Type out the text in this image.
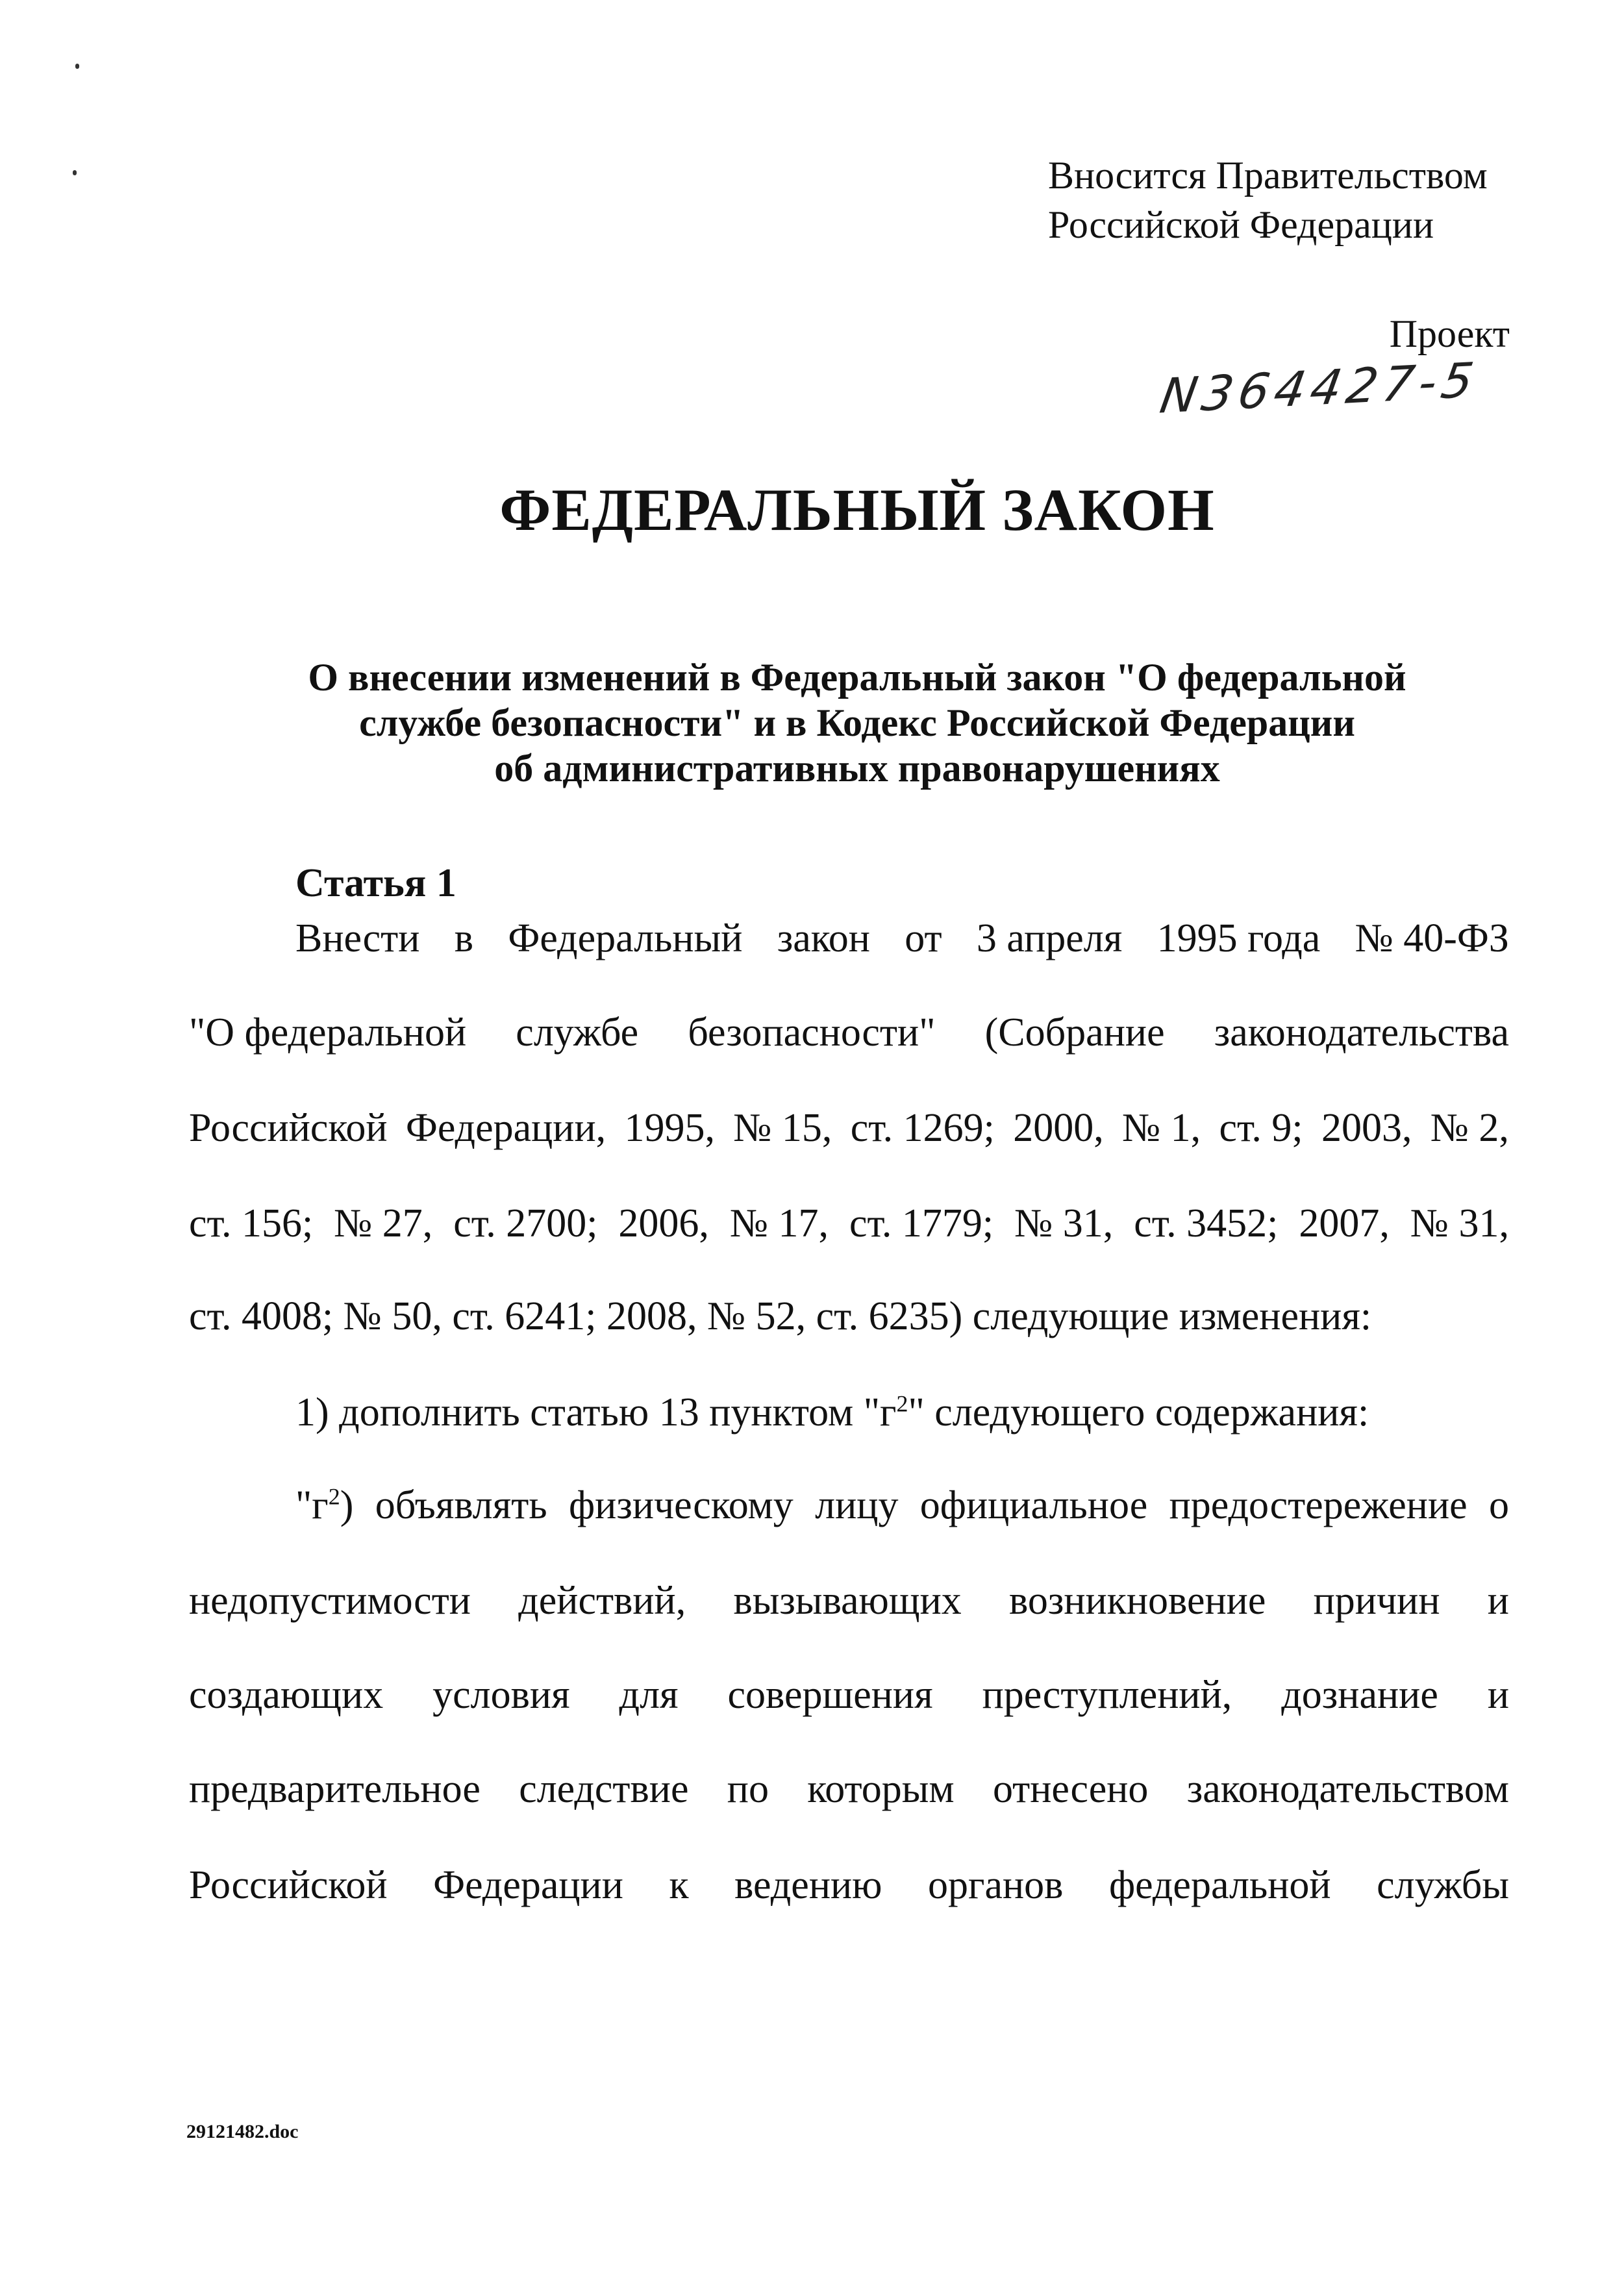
Вносится Правительством
Российской Федерации
Проект
N364427-5
ФЕДЕРАЛЬНЫЙ ЗАКОН
О внесении изменений в Федеральный закон "О федеральной
службе безопасности" и в Кодекс Российской Федерации
об административных правонарушениях
Статья 1
Внести в Федеральный закон от 3 апреля 1995 года № 40-ФЗ
"О федеральной службе безопасности" (Собрание законодательства
Российской Федерации, 1995, № 15, ст. 1269; 2000, № 1, ст. 9; 2003, № 2,
ст. 156; № 27, ст. 2700; 2006, № 17, ст. 1779; № 31, ст. 3452; 2007, № 31,
ст. 4008; № 50, ст. 6241; 2008, № 52, ст. 6235) следующие изменения:
1) дополнить статью 13 пунктом "$г^2$" следующего содержания:
"$г^2$) объявлять физическому лицу официальное предостережение о
недопустимости действий, вызывающих возникновение причин и
создающих условия для совершения преступлений, дознание и
предварительное следствие по которым отнесено законодательством
Российской Федерации к ведению органов федеральной службы
29121482.doc
